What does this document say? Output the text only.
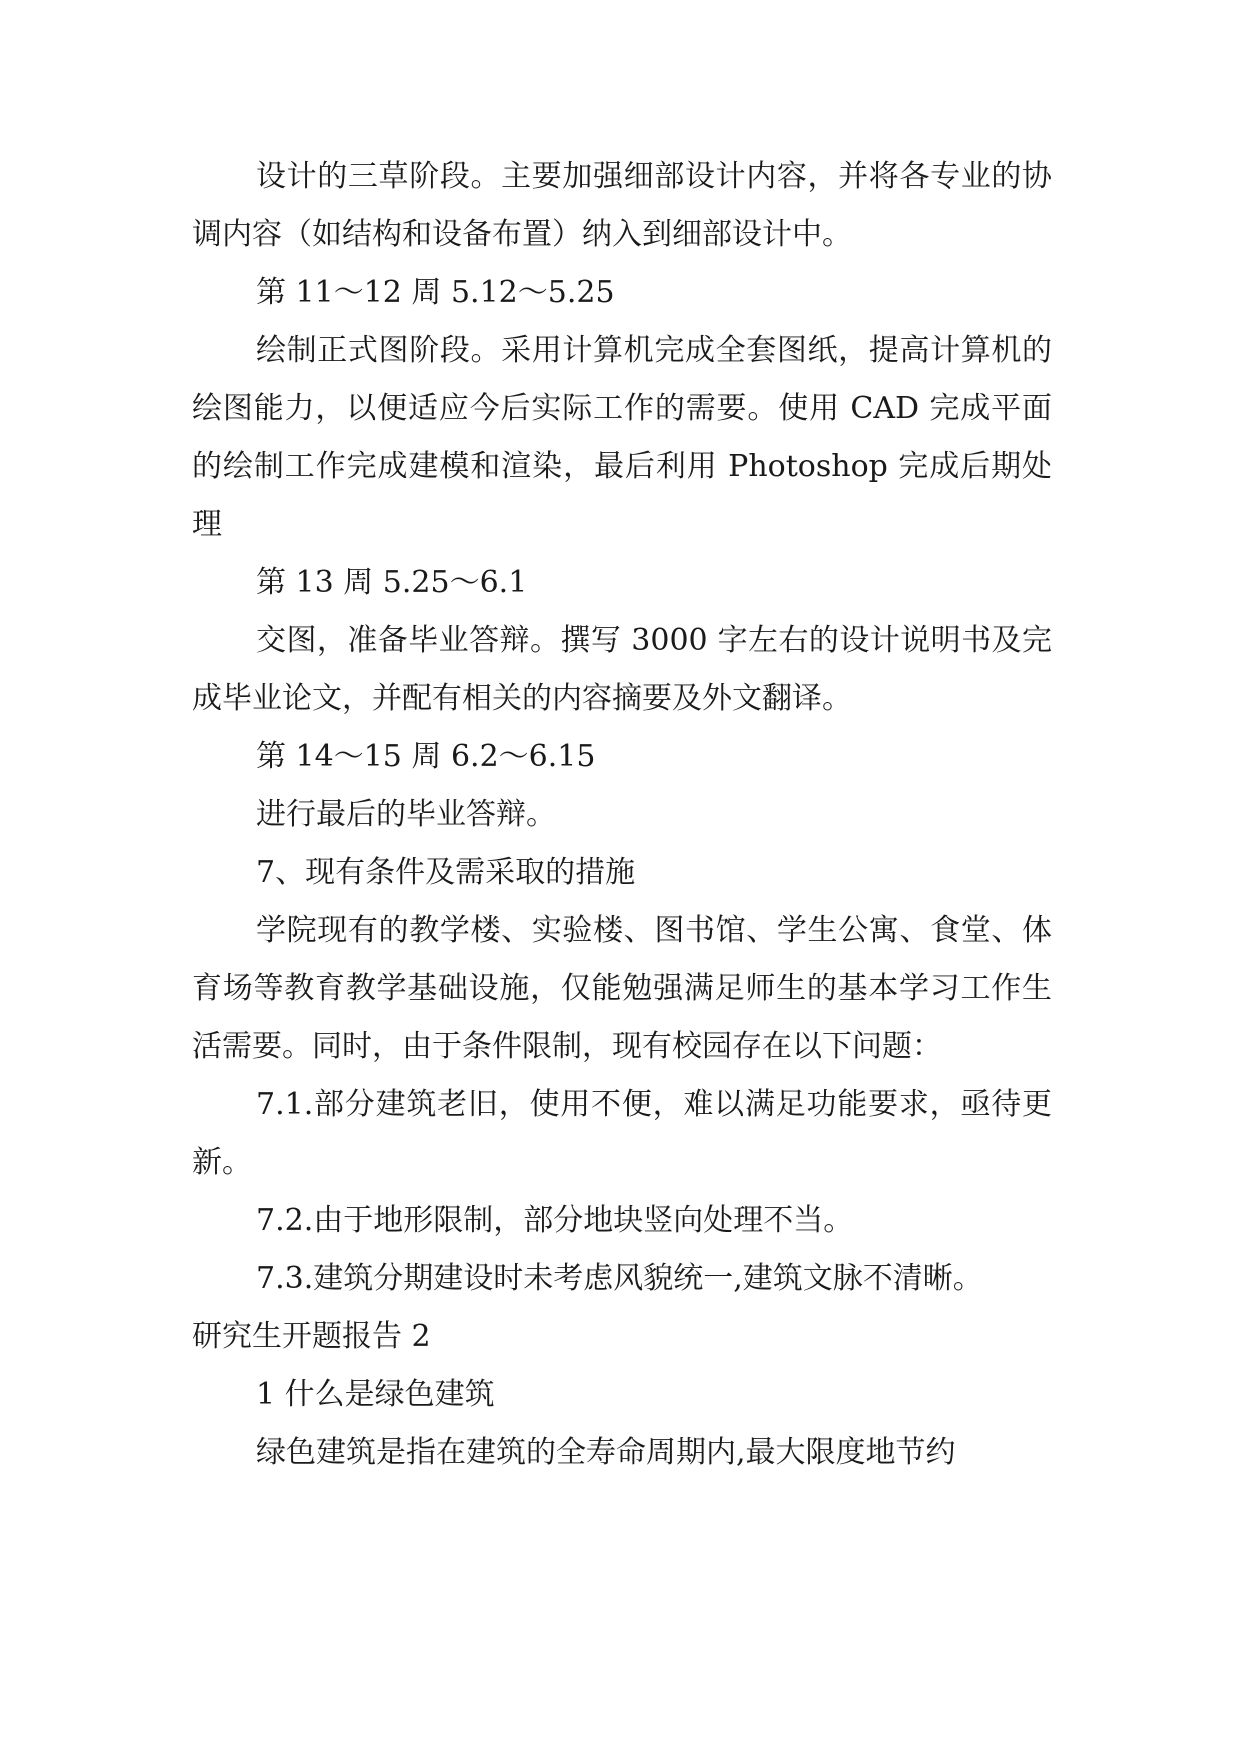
设计的三草阶段。主要加强细部设计内容，并将各专业的协调内容（如结构和设备布置）纳入到细部设计中。

第 11～12 周 5.12～5.25

绘制正式图阶段。采用计算机完成全套图纸，提高计算机的绘图能力，以便适应今后实际工作的需要。使用 CAD 完成平面的绘制工作完成建模和渲染，最后利用 Photoshop 完成后期处理

第 13 周 5.25～6.1

交图，准备毕业答辩。撰写 3000 字左右的设计说明书及完成毕业论文，并配有相关的内容摘要及外文翻译。

第 14～15 周 6.2～6.15

进行最后的毕业答辩。

7、现有条件及需采取的措施

学院现有的教学楼、实验楼、图书馆、学生公寓、食堂、体育场等教育教学基础设施，仅能勉强满足师生的基本学习工作生活需要。同时，由于条件限制，现有校园存在以下问题：

7.1.部分建筑老旧，使用不便，难以满足功能要求，亟待更新。

7.2.由于地形限制，部分地块竖向处理不当。

7.3.建筑分期建设时未考虑风貌统一,建筑文脉不清晰。

研究生开题报告 2

1 什么是绿色建筑

绿色建筑是指在建筑的全寿命周期内,最大限度地节约
